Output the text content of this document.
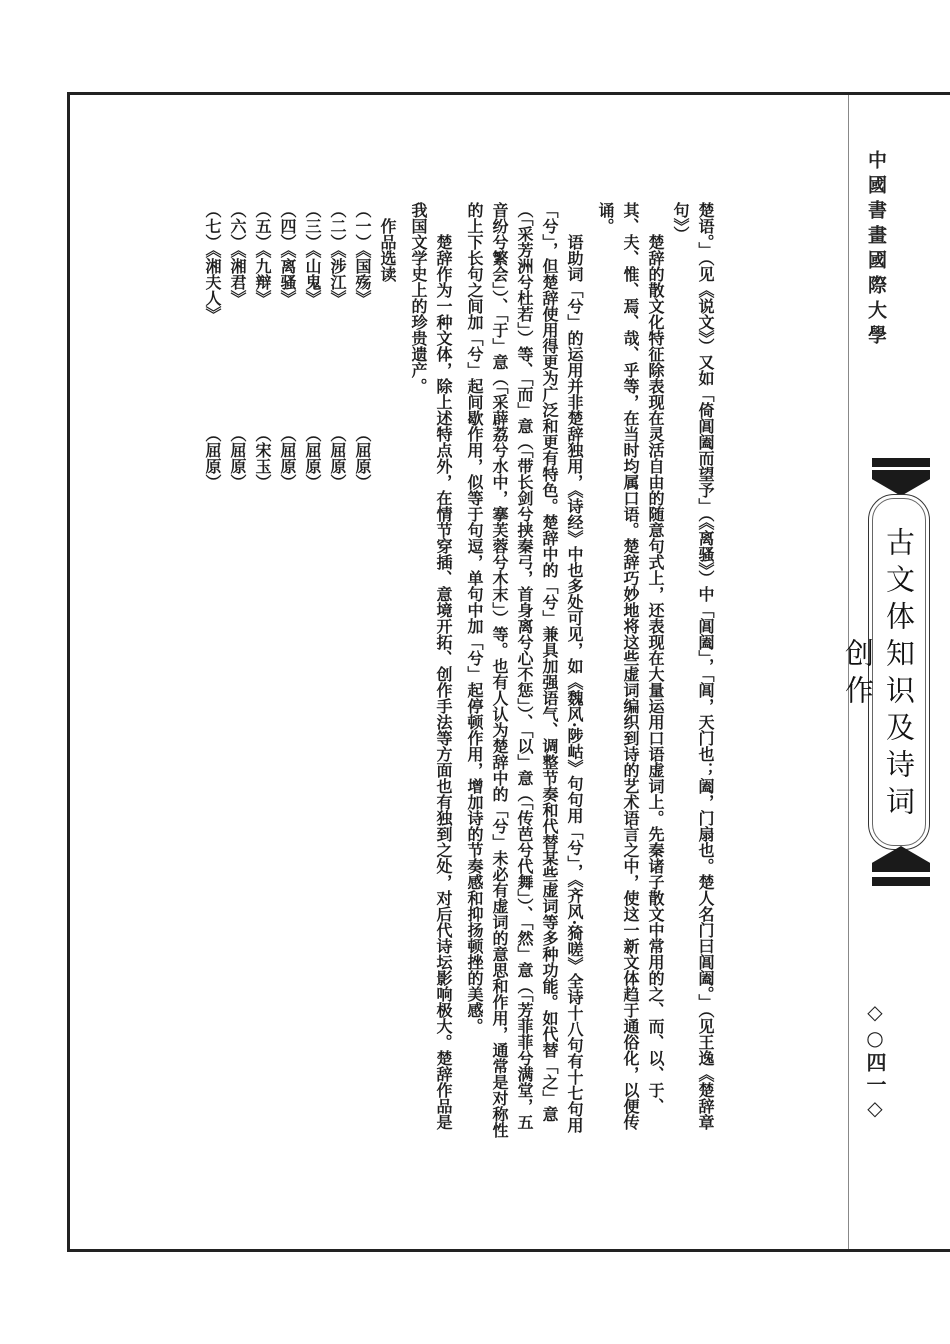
中國書畫國際大學
古文体知识及诗词创作
◇○四一◇

楚语。」（见《说文》）又如「倚阊阖而望予」（《离骚》）中「阊阖」，「阊，天门也；阖，门扇也。楚人名门曰阊阖。」（见王逸《楚辞章句》）

楚辞的散文化特征除表现在灵活自由的随意句式上，还表现在大量运用口语虚词上。先秦诸子散文中常用的之、而、以、于、其、夫、惟、焉、哉、乎等，在当时均属口语。楚辞巧妙地将这些虚词编织到诗的艺术语言之中，使这一新文体趋于通俗化，以便传诵。

语助词「兮」的运用并非楚辞独用，《诗经》中也多处可见，如《魏风·陟岵》句句用「兮」，《齐风·猗嗟》全诗十八句有十七句用「兮」，但楚辞使用得更为广泛和更有特色。楚辞中的「兮」兼具加强语气、调整节奏和代替某些虚词等多种功能。如代替「之」意（「采芳洲兮杜若」）等、「而」意（「带长剑兮挟秦弓，首身离兮心不惩」）、「以」意（「传芭兮代舞」）、「然」意（「芳菲菲兮满堂，五音纷兮繁会」）、「于」意（「采薜荔兮水中，搴芙蓉兮木末」）等。也有人认为楚辞中的「兮」未必有虚词的意思和作用，通常是对称性的上下长句之间加「兮」起间歇作用，似等于句逗，单句中加「兮」起停顿作用，增加诗的节奏感和抑扬顿挫的美感。

楚辞作为一种文体，除上述特点外，在情节穿插、意境开拓、创作手法等方面也有独到之处，对后代诗坛影响极大。楚辞作品是我国文学史上的珍贵遗产。

作品选读

（一）《国殇》（屈原）

（二）《涉江》（屈原）

（三）《山鬼》（屈原）

（四）《离骚》（屈原）

（五）《九辩》（宋玉）

（六）《湘君》（屈原）

（七）《湘夫人》（屈原）
